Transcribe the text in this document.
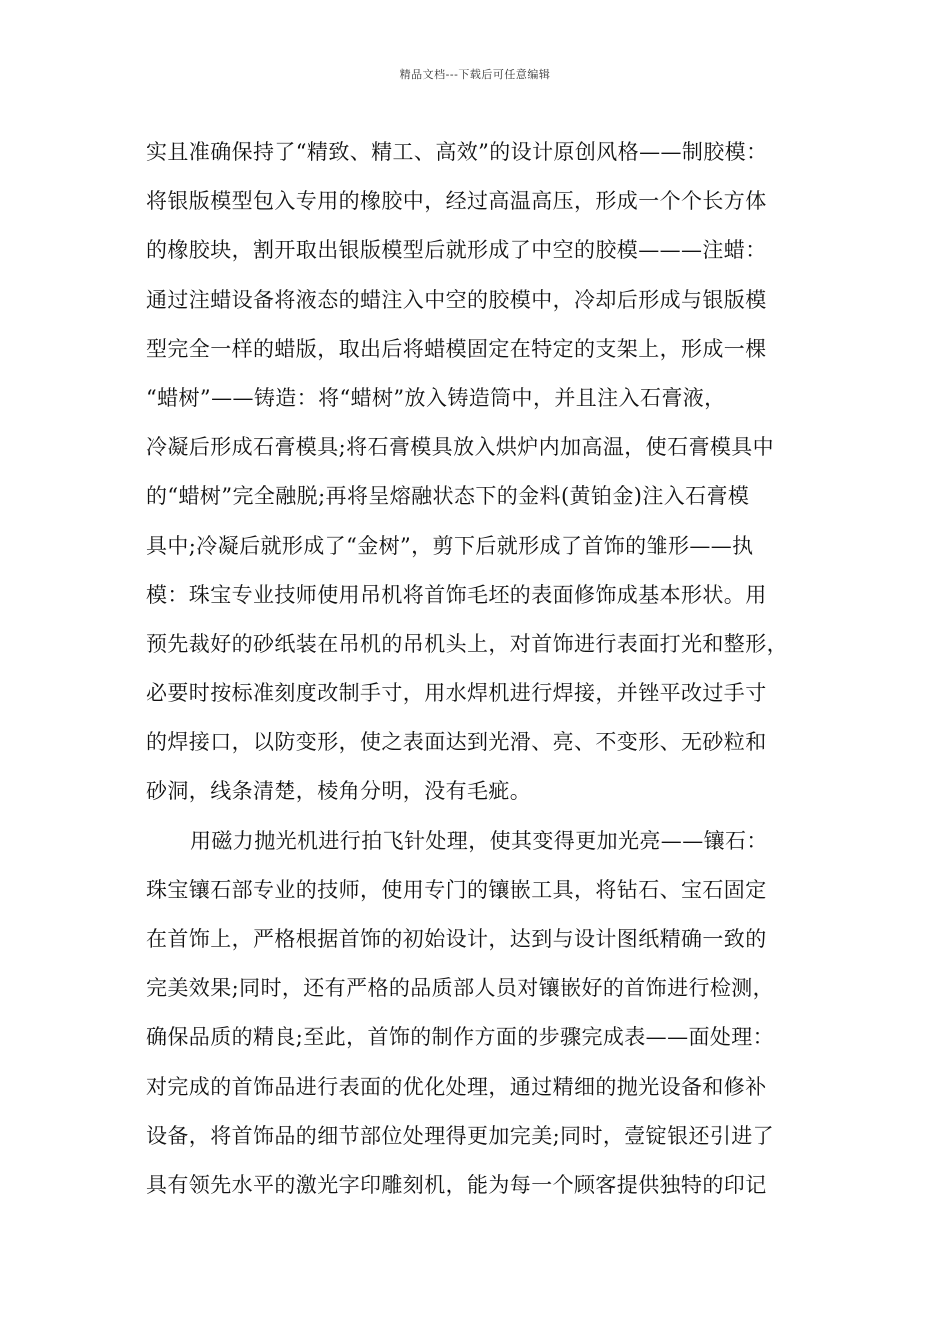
精品文档---下载后可任意编辑
实且准确保持了“精致、精工、高效”的设计原创风格——制胶模：
将银版模型包入专用的橡胶中，经过高温高压，形成一个个长方体
的橡胶块，割开取出银版模型后就形成了中空的胶模———注蜡：
通过注蜡设备将液态的蜡注入中空的胶模中，冷却后形成与银版模
型完全一样的蜡版，取出后将蜡模固定在特定的支架上，形成一棵
“蜡树”——铸造：将“蜡树”放入铸造筒中，并且注入石膏液，
冷凝后形成石膏模具;将石膏模具放入烘炉内加高温，使石膏模具中
的“蜡树”完全融脱;再将呈熔融状态下的金料(黄铂金)注入石膏模
具中;冷凝后就形成了“金树”，剪下后就形成了首饰的雏形——执
模：珠宝专业技师使用吊机将首饰毛坯的表面修饰成基本形状。用
预先裁好的砂纸装在吊机的吊机头上，对首饰进行表面打光和整形，
必要时按标准刻度改制手寸，用水焊机进行焊接，并锉平改过手寸
的焊接口，以防变形，使之表面达到光滑、亮、不变形、无砂粒和
砂洞，线条清楚，棱角分明，没有毛疵。
用磁力抛光机进行拍飞针处理，使其变得更加光亮——镶石：
珠宝镶石部专业的技师，使用专门的镶嵌工具，将钻石、宝石固定
在首饰上，严格根据首饰的初始设计，达到与设计图纸精确一致的
完美效果;同时，还有严格的品质部人员对镶嵌好的首饰进行检测，
确保品质的精良;至此，首饰的制作方面的步骤完成表——面处理：
对完成的首饰品进行表面的优化处理，通过精细的抛光设备和修补
设备，将首饰品的细节部位处理得更加完美;同时，壹锭银还引进了
具有领先水平的激光字印雕刻机，能为每一个顾客提供独特的印记
